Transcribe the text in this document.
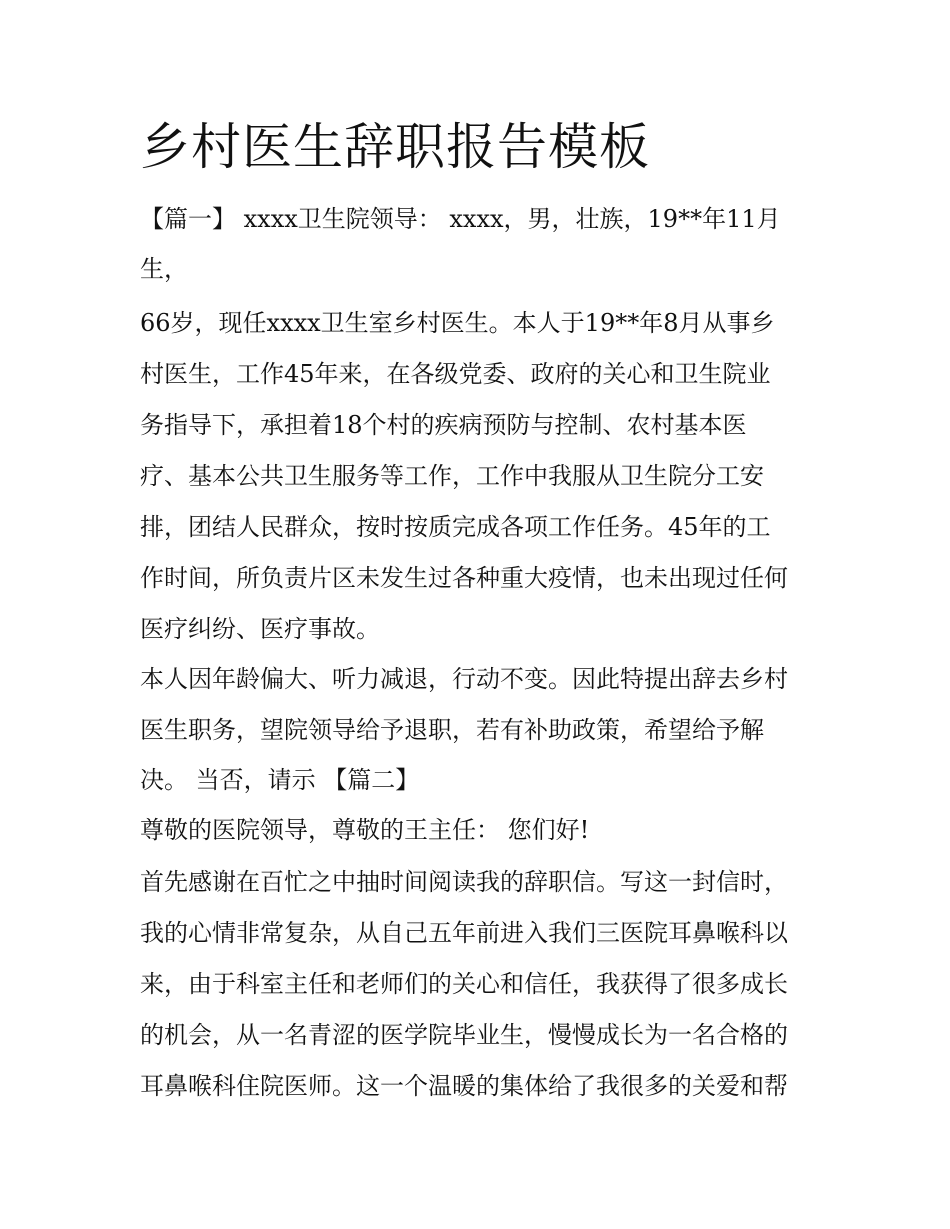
乡村医生辞职报告模板

【篇一】 xxxx卫生院领导： xxxx，男，壮族，19**年11月

生，

66岁，现任xxxx卫生室乡村医生。本人于19**年8月从事乡

村医生，工作45年来，在各级党委、政府的关心和卫生院业

务指导下，承担着18个村的疾病预防与控制、农村基本医

疗、基本公共卫生服务等工作，工作中我服从卫生院分工安

排，团结人民群众，按时按质完成各项工作任务。45年的工

作时间，所负责片区未发生过各种重大疫情，也未出现过任何

医疗纠纷、医疗事故。

本人因年龄偏大、听力减退，行动不变。因此特提出辞去乡村

医生职务，望院领导给予退职，若有补助政策，希望给予解

决。 当否，请示 【篇二】

尊敬的医院领导，尊敬的王主任： 您们好!

首先感谢在百忙之中抽时间阅读我的辞职信。写这一封信时，

我的心情非常复杂，从自己五年前进入我们三医院耳鼻喉科以

来，由于科室主任和老师们的关心和信任，我获得了很多成长

的机会，从一名青涩的医学院毕业生，慢慢成长为一名合格的

耳鼻喉科住院医师。这一个温暖的集体给了我很多的关爱和帮
